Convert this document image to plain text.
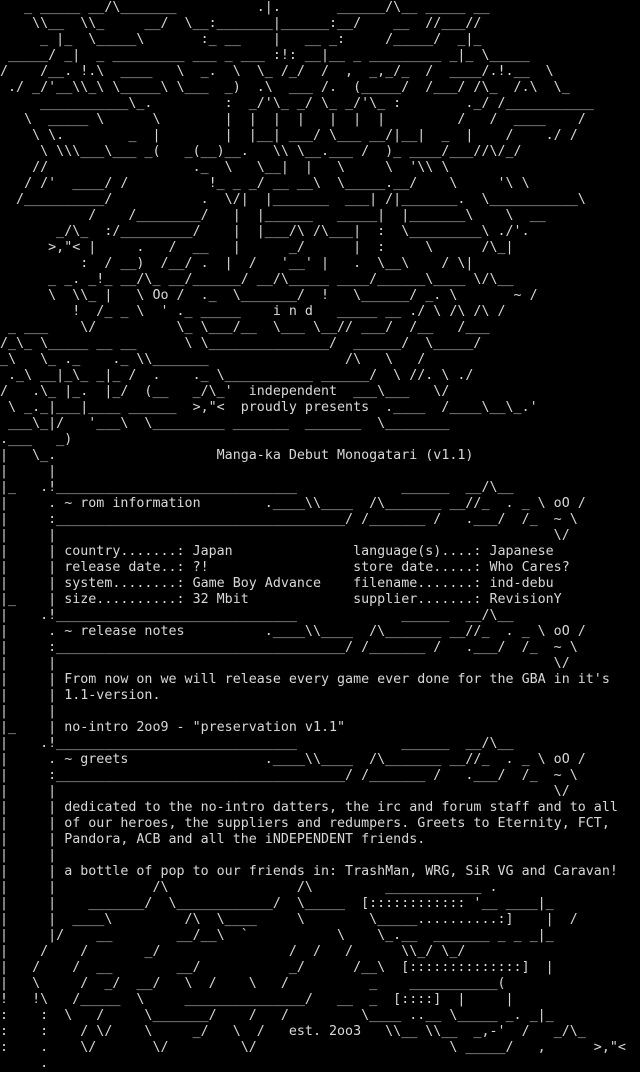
_ _____ __/\_______          .|.       ______/\__ _____ __
\\__  \\_     __/  \__:_______|______:__/    __  //___//
_ |_  \_____\       :_ __    |   __ _:     /_____/  _|_
_____/ _|  _ _________ ___ _ ___ :!: __|__ _ _________ _|_ \_____
/    /__. !.\  ____   \  _.  \  \_ /_/  /  ,  _,_/_  /  ____/.!.__  \
./ _/'__\\_\ \_____\ \___  _)  .\  ___ /.  (_____/  /___/ /\_  /.\  \_
___________\_.         :  _/'\_ _/ \_ _/'\_ :        ._/ /___________
\  _____ \      \        |  |  |  |   |  |  |         /   /  ____    /
\ \.        _  |        |  |__| ___/ \___ __/|__|  _  |    /    ./ /
\ \\\___\___ _(   _(__)__.   \\ \__.___ /  )_ ____/___//\/_/
//                  ._  \   \__|  |   \     \  '\\ \
/ /'  ____/ /          !_ _ _/ __ __\  \_____.__/    \     '\ \
/__________/           .  \/|  |_______  ___| /|_______.  \___________\
/    /________/   |  |______   _____|  |_______\    \  __
_/\_  :/_________/    |  |___/\ /\___|  :  \_________\ ./'.
>,"< |     .   /  __   |      _/      |  :     \      /\_|
:  / __)  /__/ .  |  /   '__' |   .  \__\    / \|
_ _. _!_ __/\_ __/______/ __/\_____ ____/______\____ \/\__
\  \\_ |   \ Oo /  ._  \_______/  !   \______/ _. \       ~ /
!  /_ _ \  ' ._ _____    i n d   _____ __ ./ \ /\ /\ /
_ ___    \/          \_ \___/__  \___ \__// ___/  /__   /___
/_\_ \_____ __ __      \ \_______________/  ______/  \_____/
_\   \_ ._    ._ \\_______                 /\   \   /
._\ __|_\_ _|_ /  .    ._ \___________ ______/  \ //. \ ./
/   .\_ |_.  |_/  (__   _/\_'  independent  ___\___   \/
\ _._|___|____ ______  >,"<  proudly presents  .____  /____\__\_.'
___\_|/   '___\  \_________ _______  _______  \________
.___   _)
|   \_.                    Manga-ka Debut Monogatari (v1.1)
|     |
|_   .!______________________________             ______  __/\__
|     . ~ rom information        .____\\____  /\_______ __//_  . _ \ oO /
|     :____________________________________/ /_______ /   .___/  /_  ~ \
|     |                                                              \/
|     | country.......: Japan               language(s)....: Japanese
|     | release date..: ?!                  store date.....: Who Cares?
|     | system........: Game Boy Advance    filename.......: ind-debu
|_    | size..........: 32 Mbit             supplier.......: RevisionY
|    .!______________________________             ______  __/\__
|     . ~ release notes          .____\\____  /\_______ __//_  . _ \ oO /
|     :____________________________________/ /_______ /   .___/  /_  ~ \
|     |                                                              \/
|     | From now on we will release every game ever done for the GBA in it's
|     | 1.1-version.
|     |
|_    | no-intro 2oo9 - "preservation v1.1"
|    .!______________________________             ______  __/\__
|     . ~ greets                 .____\\____  /\_______ __//_  . _ \ oO /
|     :____________________________________/ /_______ /   .___/  /_  ~ \
|     |                                                              \/
|     | dedicated to the no-intro datters, the irc and forum staff and to all
|     | of our heroes, the suppliers and redumpers. Greets to Eternity, FCT,
|     | Pandora, ACB and all the iNDEPENDENT friends.
|     |
|     | a bottle of pop to our friends in: TrashMan, WRG, SiR VG and Caravan!
|     |            /\                /\         ____________ .
|     |    _______/  \____________/  \_____  [:::::::::::: '__ ____|_
|     |  ____\         /\  \____     \        \_____..........:]    |  /
|     |/    __        __/__\  `           \    \_.__  _______ _ _ _|_
|    /    /       _/                /  /   /      \\_/ \_/
|   /    /  __        __/           _/      /__\  [::::::::::::::]  |
|   \     /  _/  __/   \  /    \   /          _    ___________(
!   !\   /_____  \     _______________/   __  _  [::::]  |     |
:    :  \   /     \_______/    /   /         \____ ..__ \_____ _. _|_
:    :    / \/    \     _/   \  /   est. 2oo3   \\__ \\__  _,-'  /   _/\_
:    .    \/       \/         \/                        \ _____/   ,      >,"<
.
